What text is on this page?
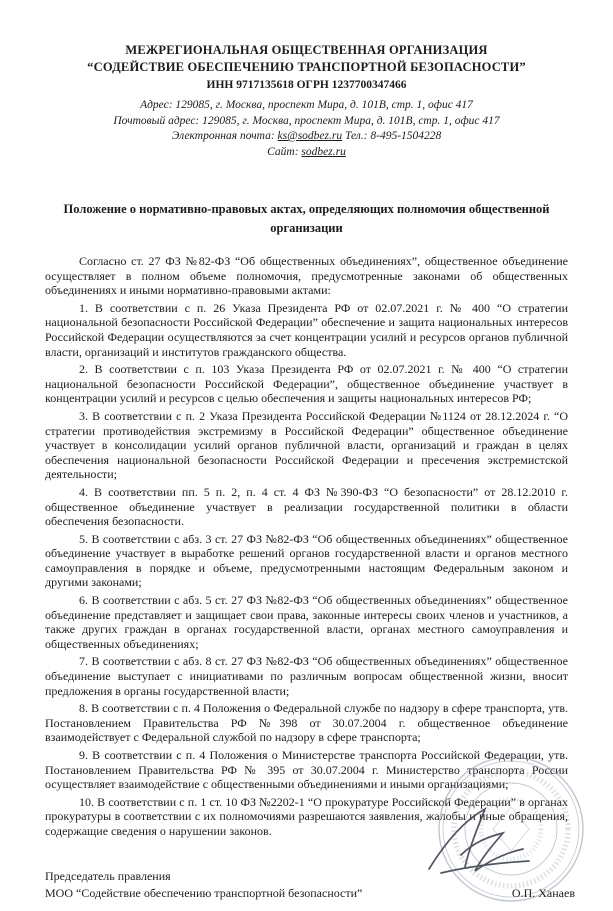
МЕЖРЕГИОНАЛЬНАЯ ОБЩЕСТВЕННАЯ ОРГАНИЗАЦИЯ
“СОДЕЙСТВИЕ ОБЕСПЕЧЕНИЮ ТРАНСПОРТНОЙ БЕЗОПАСНОСТИ”
ИНН 9717135618 ОГРН 1237700347466
Адрес: 129085, г. Москва, проспект Мира, д. 101В, стр. 1, офис 417
Почтовый адрес: 129085, г. Москва, проспект Мира, д. 101В, стр. 1, офис 417
Электронная почта: ks@sodbez.ru Тел.: 8-495-1504228
Сайт: sodbez.ru
Положение о нормативно-правовых актах, определяющих полномочия общественной организации

Согласно ст. 27 ФЗ №82-ФЗ “Об общественных объединениях”, общественное объединение осуществляет в полном объеме полномочия, предусмотренные законами об общественных объединениях и иными нормативно-правовыми актами:

1. В соответствии с п. 26 Указа Президента РФ от 02.07.2021 г. № 400 “О стратегии национальной безопасности Российской Федерации” обеспечение и защита национальных интересов Российской Федерации осуществляются за счет концентрации усилий и ресурсов органов публичной власти, организаций и институтов гражданского общества.

2. В соответствии с п. 103 Указа Президента РФ от 02.07.2021 г. № 400 “О стратегии национальной безопасности Российской Федерации”, общественное объединение участвует в концентрации усилий и ресурсов с целью обеспечения и защиты национальных интересов РФ;

3. В соответствии с п. 2 Указа Президента Российской Федерации №1124 от 28.12.2024 г. “О стратегии противодействия экстремизму в Российской Федерации” общественное объединение участвует в консолидации усилий органов публичной власти, организаций и граждан в целях обеспечения национальной безопасности Российской Федерации и пресечения экстремистской деятельности;

4. В соответствии пп. 5 п. 2, п. 4 ст. 4 ФЗ №390-ФЗ “О безопасности” от 28.12.2010 г. общественное объединение участвует в реализации государственной политики в области обеспечения безопасности.

5. В соответствии с абз. 3 ст. 27 ФЗ №82-ФЗ “Об общественных объединениях” общественное объединение участвует в выработке решений органов государственной власти и органов местного самоуправления в порядке и объеме, предусмотренными настоящим Федеральным законом и другими законами;

6. В соответствии с абз. 5 ст. 27 ФЗ №82-ФЗ “Об общественных объединениях” общественное объединение представляет и защищает свои права, законные интересы своих членов и участников, а также других граждан в органах государственной власти, органах местного самоуправления и общественных объединениях;

7. В соответствии с абз. 8 ст. 27 ФЗ №82-ФЗ “Об общественных объединениях” общественное объединение выступает с инициативами по различным вопросам общественной жизни, вносит предложения в органы государственной власти;

8. В соответствии с п. 4 Положения о Федеральной службе по надзору в сфере транспорта, утв. Постановлением Правительства РФ №398 от 30.07.2004 г. общественное объединение взаимодействует с Федеральной службой по надзору в сфере транспорта;

9. В соответствии с п. 4 Положения о Министерстве транспорта Российской Федерации, утв. Постановлением Правительства РФ № 395 от 30.07.2004 г. Министерство транспорта России осуществляет взаимодействие с общественными объединениями и иными организациями;

10. В соответствии с п. 1 ст. 10 ФЗ №2202-1 “О прокуратуре Российской Федерации” в органах прокуратуры в соответствии с их полномочиями разрешаются заявления, жалобы и иные обращения, содержащие сведения о нарушении законов.

Председатель правления
МОО “Содействие обеспечению транспортной безопасности”	О.П. Ханаев
